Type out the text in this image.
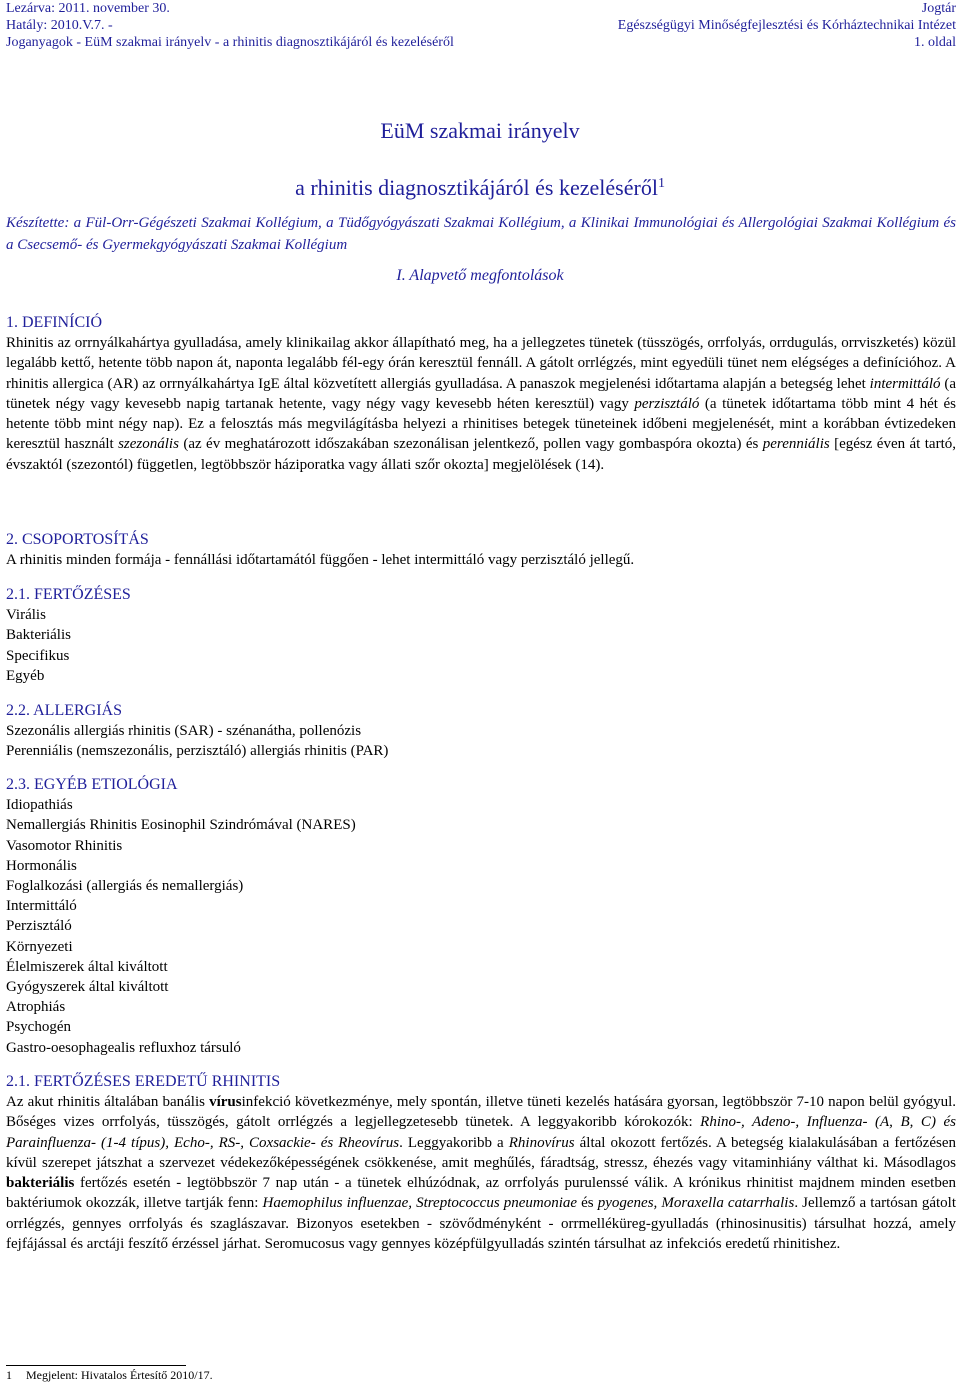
Lezárva: 2011. november 30.
Hatály: 2010.V.7. -
Joganyagok - EüM szakmai irányelv - a rhinitis diagnosztikájáról és kezeléséről
Jogtár
Egészségügyi Minőségfejlesztési és Kórháztechnikai Intézet
1. oldal
EüM szakmai irányelv
a rhinitis diagnosztikájáról és kezeléséről$^1$
Készítette: a Fül-Orr-Gégészeti Szakmai Kollégium, a Tüdőgyógyászati Szakmai Kollégium, a Klinikai Immunológiai és Allergológiai Szakmai Kollégium és a Csecsemő- és Gyermekgyógyászati Szakmai Kollégium
I. Alapvető megfontolások
1. DEFINÍCIÓ

Rhinitis az orrnyálkahártya gyulladása, amely klinikailag akkor állapítható meg, ha a jellegzetes tünetek (tüsszögés, orrfolyás, orrdugulás, orrviszketés) közül legalább kettő, hetente több napon át, naponta legalább fél-egy órán keresztül fennáll. A gátolt orrlégzés, mint egyedüli tünet nem elégséges a definícióhoz. A rhinitis allergica (AR) az orrnyálkahártya IgE által közvetített allergiás gyulladása. A panaszok megjelenési időtartama alapján a betegség lehet intermittáló (a tünetek négy vagy kevesebb napig tartanak hetente, vagy négy vagy kevesebb héten keresztül) vagy perzisztáló (a tünetek időtartama több mint 4 hét és hetente több mint négy nap). Ez a felosztás más megvilágításba helyezi a rhinitises betegek tüneteinek időbeni megjelenését, mint a korábban évtizedeken keresztül használt szezonális (az év meghatározott időszakában szezonálisan jelentkező, pollen vagy gombaspóra okozta) és perenniális [egész éven át tartó, évszaktól (szezontól) független, legtöbbször háziporatka vagy állati szőr okozta] megjelölések (14).

2. CSOPORTOSÍTÁS

A rhinitis minden formája - fennállási időtartamától függően - lehet intermittáló vagy perzisztáló jellegű.

2.1. FERTŐZÉSES
Virális
Bakteriális
Specifikus
Egyéb
2.2. ALLERGIÁS
Szezonális allergiás rhinitis (SAR) - szénanátha, pollenózis
Perenniális (nemszezonális, perzisztáló) allergiás rhinitis (PAR)
2.3. EGYÉB ETIOLÓGIA
Idiopathiás
Nemallergiás Rhinitis Eosinophil Szindrómával (NARES)
Vasomotor Rhinitis
Hormonális
Foglalkozási (allergiás és nemallergiás)
Intermittáló
Perzisztáló
Környezeti
Élelmiszerek által kiváltott
Gyógyszerek által kiváltott
Atrophiás
Psychogén
Gastro-oesophagealis refluxhoz társuló
2.1. FERTŐZÉSES EREDETŰ RHINITIS

Az akut rhinitis általában banális vírusinfekció következménye, mely spontán, illetve tüneti kezelés hatására gyorsan, legtöbbször 7-10 napon belül gyógyul. Bőséges vizes orrfolyás, tüsszögés, gátolt orrlégzés a legjellegzetesebb tünetek. A leggyakoribb kórokozók: Rhino-, Adeno-, Influenza- (A, B, C) és Parainfluenza- (1-4 típus), Echo-, RS-, Coxsackie- és Rheovírus. Leggyakoribb a Rhinovírus által okozott fertőzés. A betegség kialakulásában a fertőzésen kívül szerepet játszhat a szervezet védekezőképességének csökkenése, amit meghűlés, fáradtság, stressz, éhezés vagy vitaminhiány válthat ki. Másodlagos bakteriális fertőzés esetén - legtöbbször 7 nap után - a tünetek elhúzódnak, az orrfolyás purulenssé válik. A krónikus rhinitist majdnem minden esetben baktériumok okozzák, illetve tartják fenn: Haemophilus influenzae, Streptococcus pneumoniae és pyogenes, Moraxella catarrhalis. Jellemző a tartósan gátolt orrlégzés, gennyes orrfolyás és szaglászavar. Bizonyos esetekben - szövődményként - orrmelléküreg-gyulladás (rhinosinusitis) társulhat hozzá, amely fejfájással és arctáji feszítő érzéssel járhat. Seromucosus vagy gennyes középfülgyulladás szintén társulhat az infekciós eredetű rhinitishez.

1 Megjelent: Hivatalos Értesítő 2010/17.
